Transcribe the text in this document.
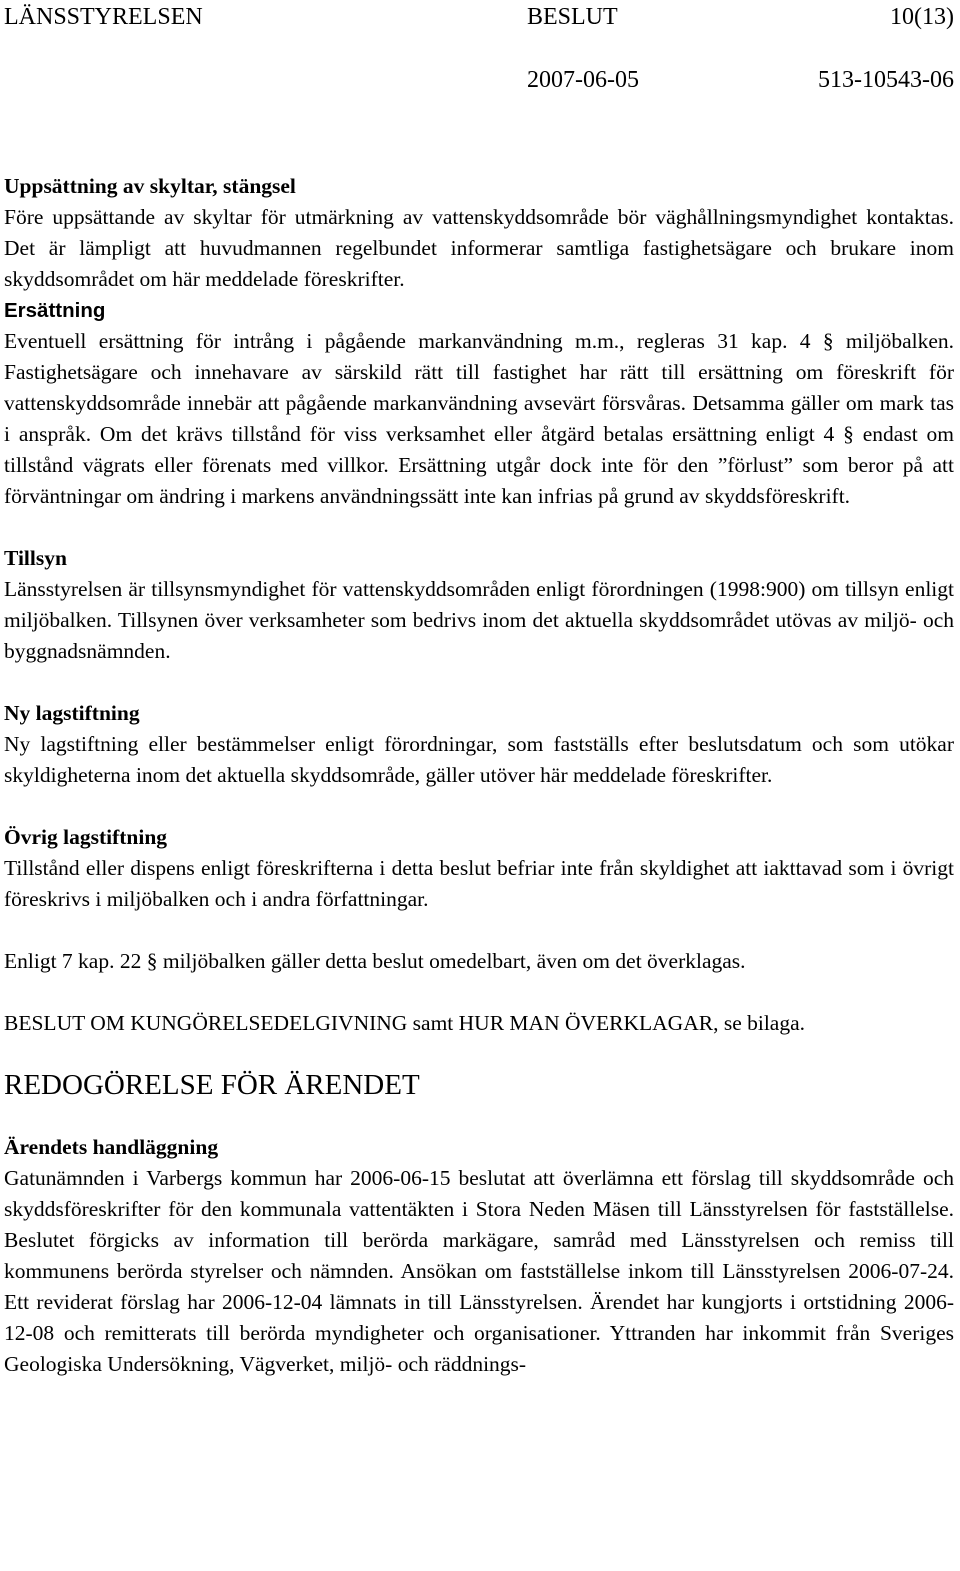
LÄNSSTYRELSEN	BESLUT	10(13)
2007-06-05	513-10543-06

Uppsättning av skyltar, stängsel

Före uppsättande av skyltar för utmärkning av vattenskyddsområde bör väghållningsmyndighet kontaktas. Det är lämpligt att huvudmannen regelbundet informerar samtliga fastighetsägare och brukare inom skyddsområdet om här meddelade föreskrifter.

Ersättning

Eventuell ersättning för intrång i pågående markanvändning m.m., regleras 31 kap. 4 § miljöbalken. Fastighetsägare och innehavare av särskild rätt till fastighet har rätt till ersättning om föreskrift för vattenskyddsområde innebär att pågående markanvändning avsevärt försvåras. Detsamma gäller om mark tas i anspråk. Om det krävs tillstånd för viss verksamhet eller åtgärd betalas ersättning enligt 4 § endast om tillstånd vägrats eller förenats med villkor. Ersättning utgår dock inte för den ”förlust” som beror på att förväntningar om ändring i markens användningssätt inte kan infrias på grund av skyddsföreskrift.

Tillsyn

Länsstyrelsen är tillsynsmyndighet för vattenskyddsområden enligt förordningen (1998:900) om tillsyn enligt miljöbalken. Tillsynen över verksamheter som bedrivs inom det aktuella skyddsområdet utövas av miljö- och byggnadsnämnden.

Ny lagstiftning

Ny lagstiftning eller bestämmelser enligt förordningar, som fastställs efter beslutsdatum och som utökar skyldigheterna inom det aktuella skyddsområde, gäller utöver här meddelade föreskrifter.

Övrig lagstiftning

Tillstånd eller dispens enligt föreskrifterna i detta beslut befriar inte från skyldighet att iakttavad som i övrigt föreskrivs i miljöbalken och i andra författningar.

Enligt 7 kap. 22 § miljöbalken gäller detta beslut omedelbart, även om det överklagas.

BESLUT OM KUNGÖRELSEDELGIVNING samt HUR MAN ÖVERKLAGAR, se bilaga.

REDOGÖRELSE FÖR ÄRENDET

Ärendets handläggning

Gatunämnden i Varbergs kommun har 2006-06-15 beslutat att överlämna ett förslag till skyddsområde och skyddsföreskrifter för den kommunala vattentäkten i Stora Neden Mäsen till Länsstyrelsen för fastställelse. Beslutet förgicks av information till berörda markägare, samråd med Länsstyrelsen och remiss till kommunens berörda styrelser och nämnden. Ansökan om fastställelse inkom till Länsstyrelsen 2006-07-24. Ett reviderat förslag har 2006-12-04 lämnats in till Länsstyrelsen. Ärendet har kungjorts i ortstidning 2006-12-08 och remitterats till berörda myndigheter och organisationer. Yttranden har inkommit från Sveriges Geologiska Undersökning, Vägverket, miljö- och räddnings-
